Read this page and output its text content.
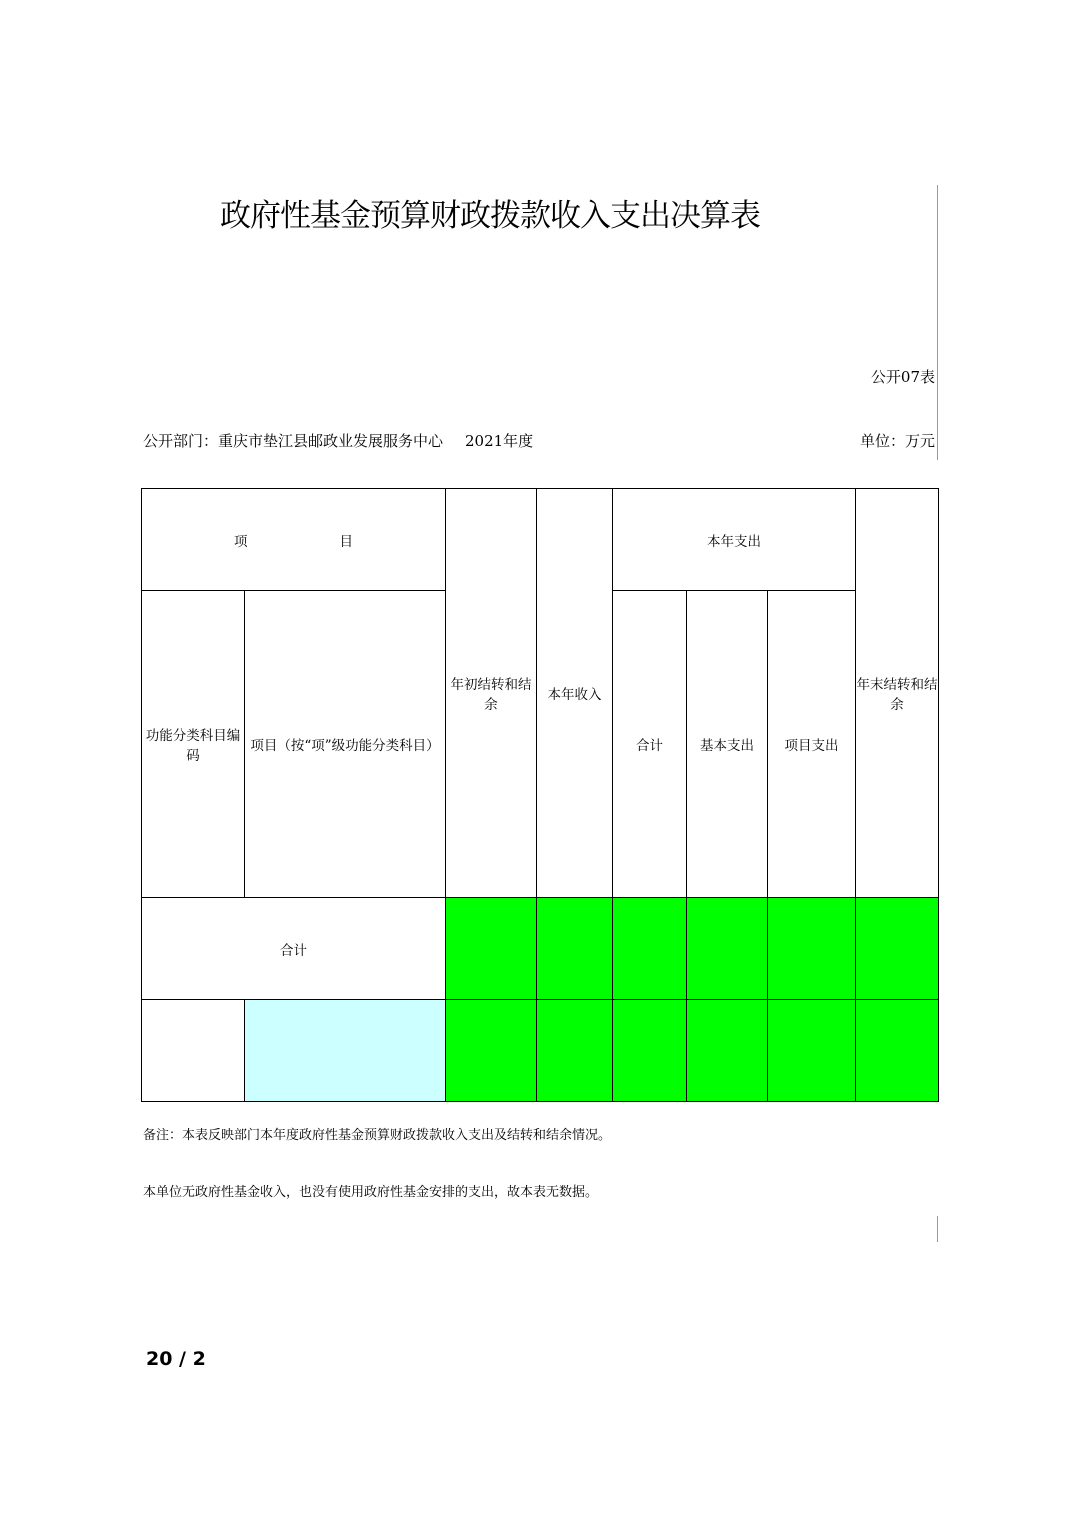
政府性基金预算财政拨款收入支出决算表
公开07表
公开部门：重庆市垫江县邮政业发展服务中心 2021年度	单位：万元
项 目		年初结转和结余	本年收入	本年支出			年末结转和结余
功能分类科目编码	项目（按“项”级功能分类科目）			合计	基本支出	项目支出	
合计							

备注：本表反映部门本年度政府性基金预算财政拨款收入支出及结转和结余情况。
本单位无政府性基金收入，也没有使用政府性基金安排的支出，故本表无数据。
20 / 2
